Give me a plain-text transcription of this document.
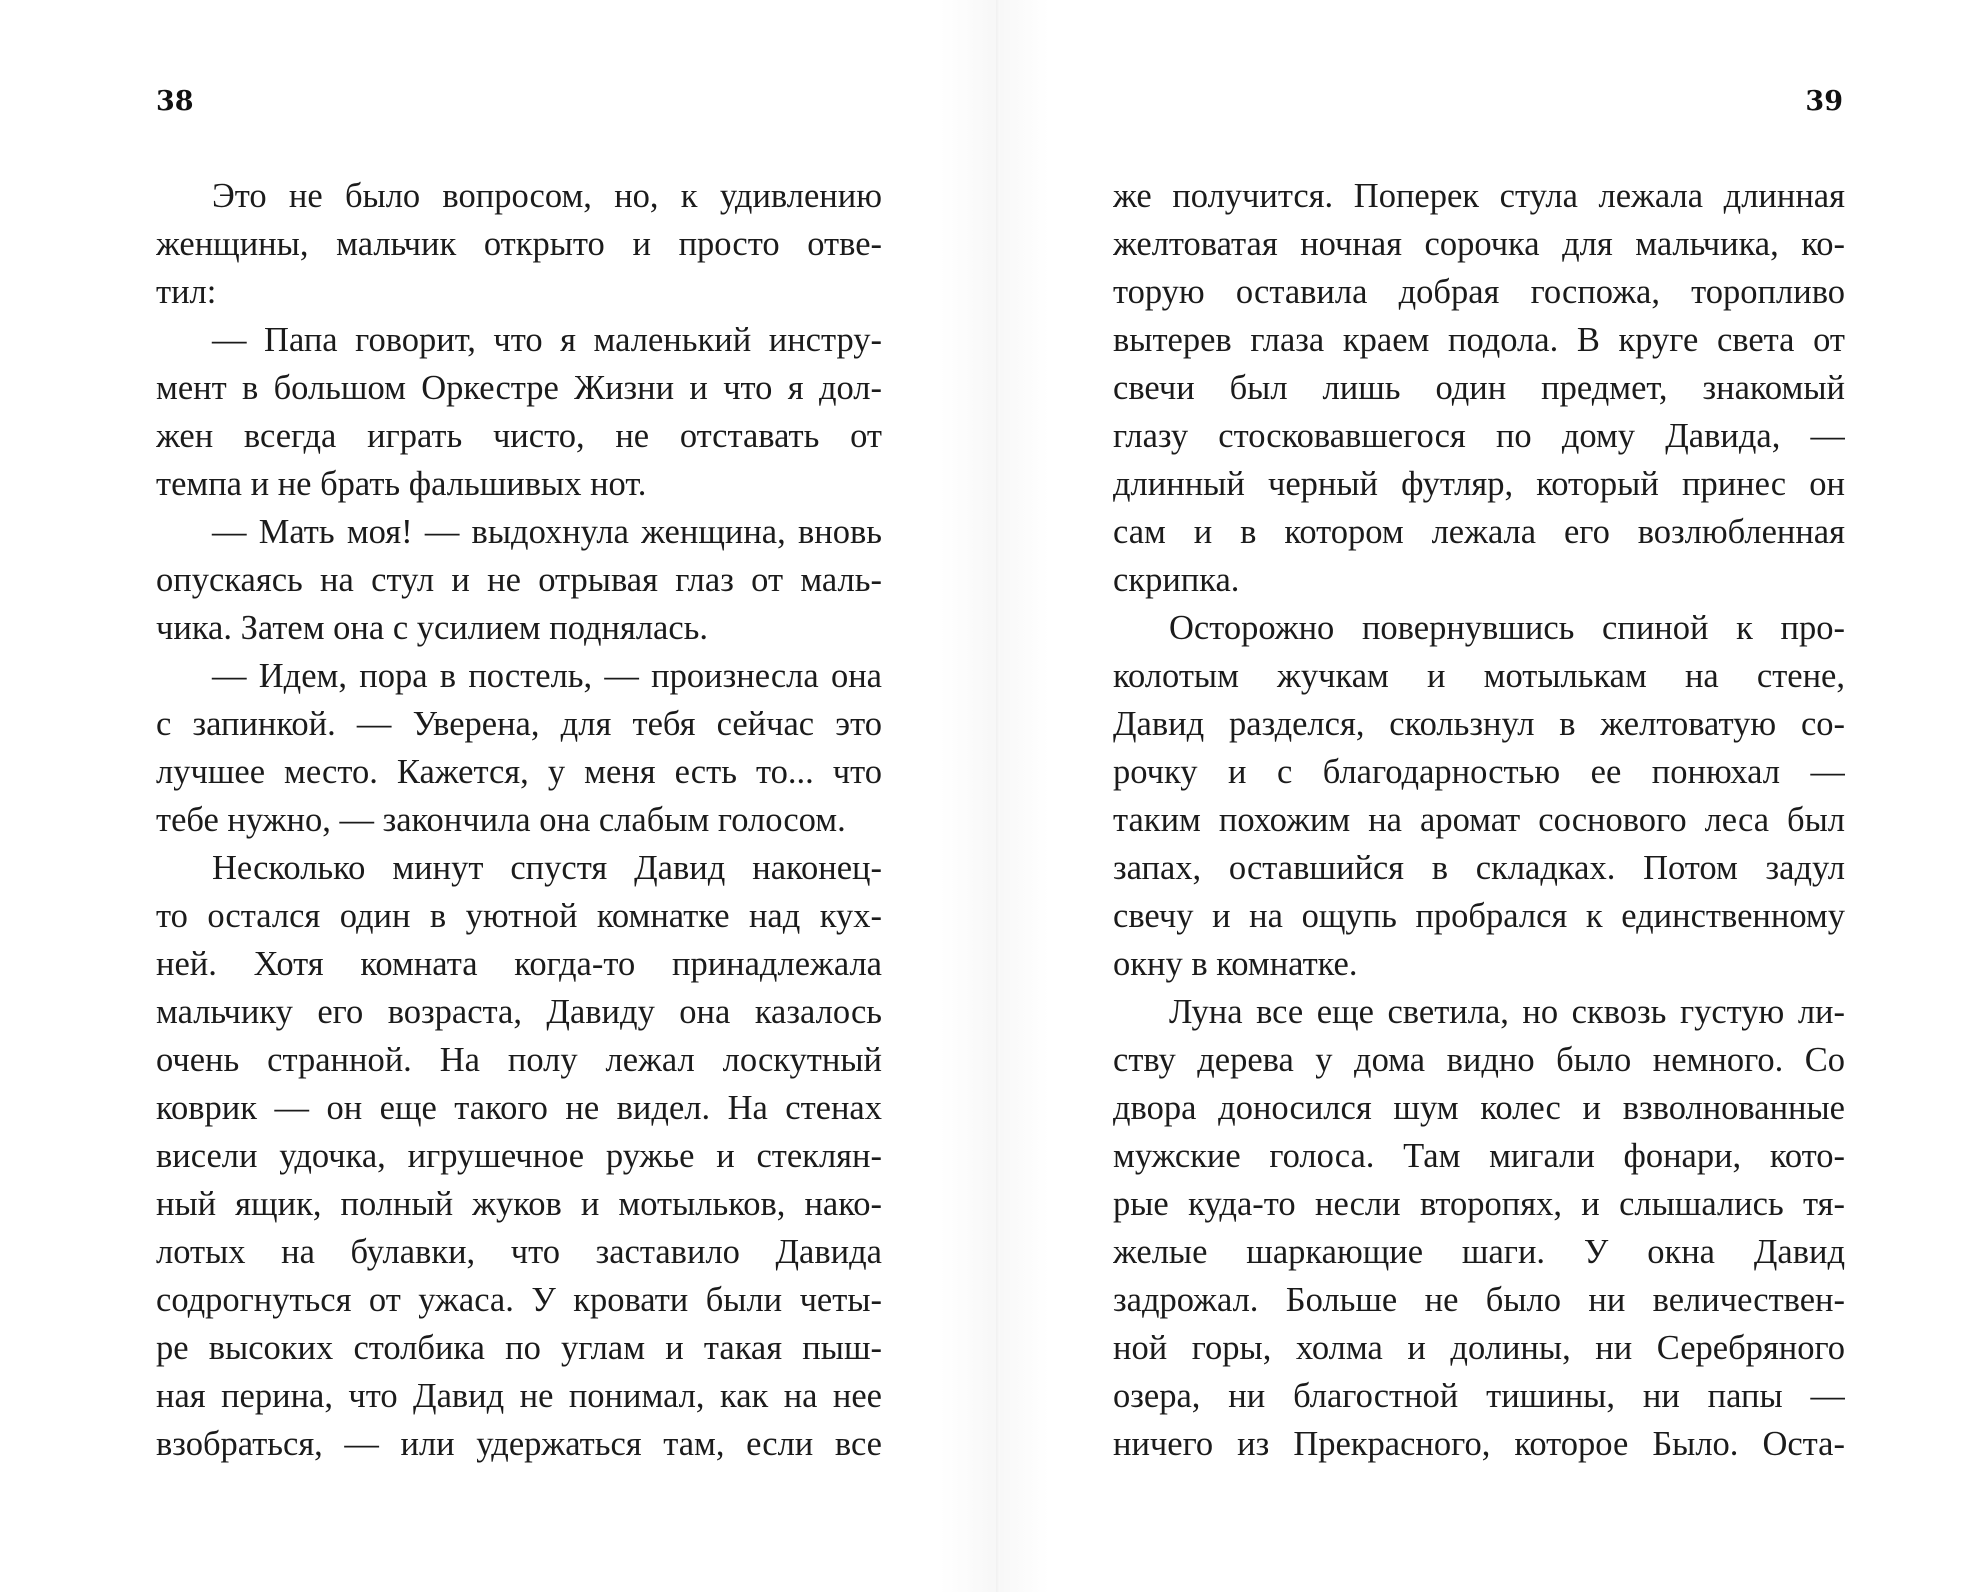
38
Это не было вопросом, но, к удивлению
женщины, мальчик открыто и просто отве-
тил:
— Папа говорит, что я маленький инстру-
мент в большом Оркестре Жизни и что я дол-
жен всегда играть чисто, не отставать от
темпа и не брать фальшивых нот.
— Мать моя! — выдохнула женщина, вновь
опускаясь на стул и не отрывая глаз от маль-
чика. Затем она с усилием поднялась.
— Идем, пора в постель, — произнесла она
с запинкой. — Уверена, для тебя сейчас это
лучшее место. Кажется, у меня есть то... что
тебе нужно, — закончила она слабым голосом.
Несколько минут спустя Давид наконец-
то остался один в уютной комнатке над кух-
ней. Хотя комната когда-то принадлежала
мальчику его возраста, Давиду она казалось
очень странной. На полу лежал лоскутный
коврик — он еще такого не видел. На стенах
висели удочка, игрушечное ружье и стеклян-
ный ящик, полный жуков и мотыльков, нако-
лотых на булавки, что заставило Давида
содрогнуться от ужаса. У кровати были четы-
ре высоких столбика по углам и такая пыш-
ная перина, что Давид не понимал, как на нее
взобраться, — или удержаться там, если все
39
же получится. Поперек стула лежала длинная
желтоватая ночная сорочка для мальчика, ко-
торую оставила добрая госпожа, торопливо
вытерев глаза краем подола. В круге света от
свечи был лишь один предмет, знакомый
глазу стосковавшегося по дому Давида, —
длинный черный футляр, который принес он
сам и в котором лежала его возлюбленная
скрипка.
Осторожно повернувшись спиной к про-
колотым жучкам и мотылькам на стене,
Давид разделся, скользнул в желтоватую со-
рочку и с благодарностью ее понюхал —
таким похожим на аромат соснового леса был
запах, оставшийся в складках. Потом задул
свечу и на ощупь пробрался к единственному
окну в комнатке.
Луна все еще светила, но сквозь густую ли-
ству дерева у дома видно было немного. Со
двора доносился шум колес и взволнованные
мужские голоса. Там мигали фонари, кото-
рые куда-то несли второпях, и слышались тя-
желые шаркающие шаги. У окна Давид
задрожал. Больше не было ни величествен-
ной горы, холма и долины, ни Серебряного
озера, ни благостной тишины, ни папы —
ничего из Прекрасного, которое Было. Оста-
